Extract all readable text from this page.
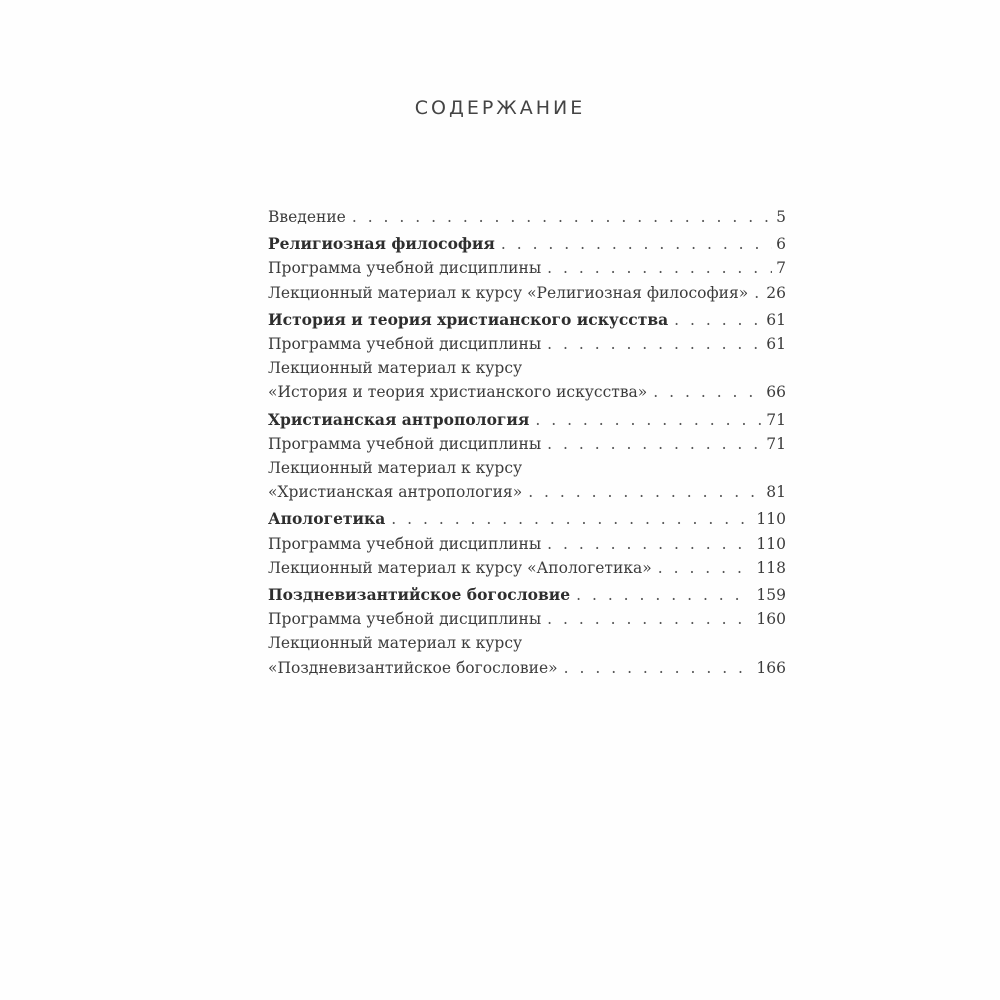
СОДЕРЖАНИЕ
Введение . . .	5
Религиозная философия . . .	6
Программа учебной дисциплины . . .	7
Лекционный материал к курсу «Религиозная философия» . . . 26
История и теория христианского искусства . . .	61
Программа учебной дисциплины . . .	61
Лекционный материал к курсу
«История и теория христианского искусства» . . .	66
Христианская антропология . . .	71
Программа учебной дисциплины . . .	71
Лекционный материал к курсу
«Христианская антропология» . . .	81
Апологетика . . .	110
Программа учебной дисциплины . . .	110
Лекционный материал к курсу «Апологетика» . . .	118
Поздневизантийское богословие . . .	159
Программа учебной дисциплины . . .	160
Лекционный материал к курсу
«Поздневизантийское богословие» . . .	166
